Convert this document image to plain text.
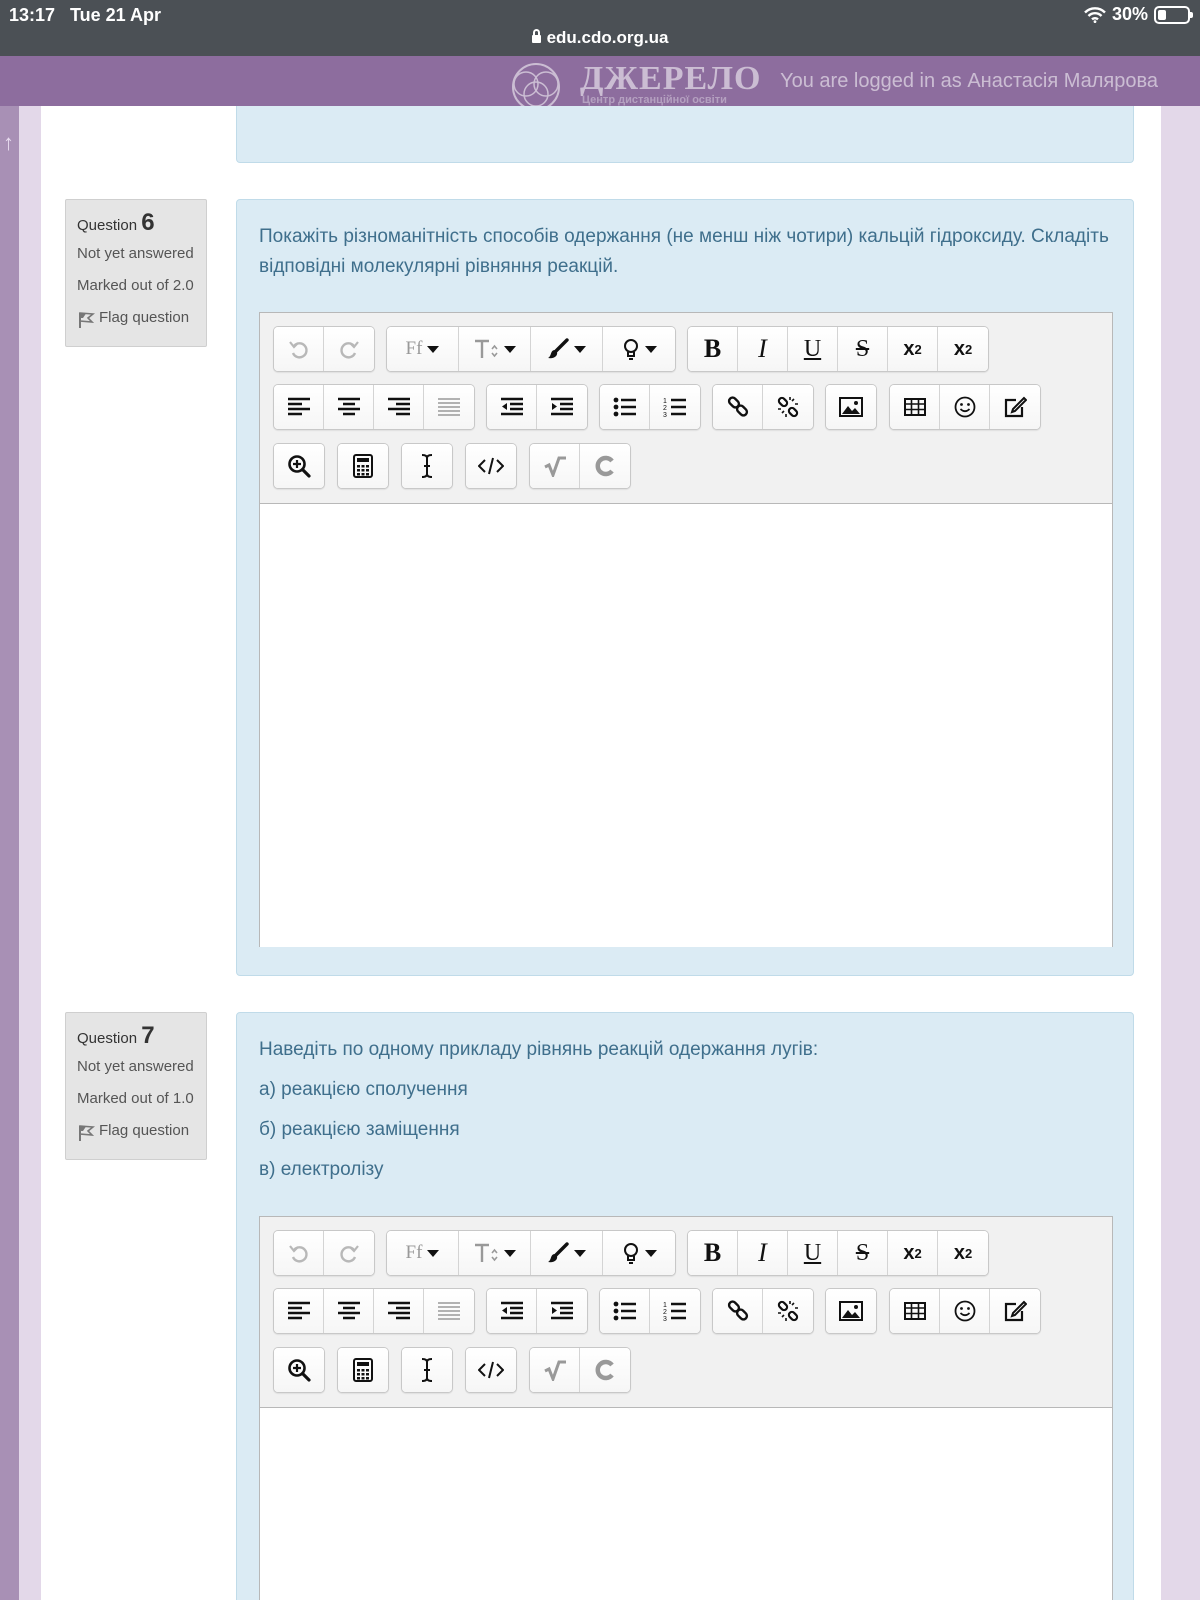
13:17 Tue 21 Apr	30%
edu.cdo.org.ua
ДЖЕРЕЛО
Центр дистанційної освіти
You are logged in as Анастасія Малярова
↑
Question 6
Not yet answered
Marked out of 2.0
Flag question

Покажіть різноманітність способів одержання (не менш ніж чотири) кальцій гідроксиду. Складіть відповідні молекулярні рівняння реакцій.

Ff	B	I	U	S	x 2 x 2
1
2
3
Question 7
Not yet answered
Marked out of 1.0
Flag question

Наведіть по одному прикладу рівнянь реакцій одержання лугів:

а) реакцією сполучення

б) реакцією заміщення

в) електролізу

Ff	B	I	U	S	x 2 x 2
1
2
3
